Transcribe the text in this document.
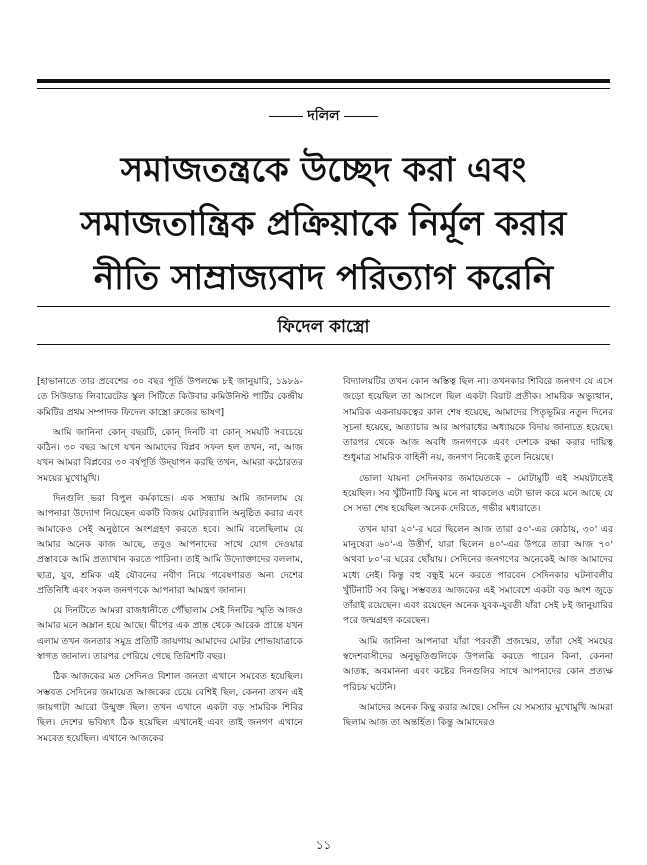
দলিল
সমাজতন্ত্রকে উচ্ছেদ করা এবং
সমাজতান্ত্রিক প্রক্রিয়াকে নির্মূল করার
নীতি সাম্রাজ্যবাদ পরিত্যাগ করেনি
ফিদেল কাস্ত্রো

[হাভানাতে তার প্রবেশের ৩০ বছর পূর্তি উপলক্ষে ৮ই জানুয়ারি, ১৯৮৯-তে সিউডাড লিবারেটেড স্কুল সিটিতে কিউবার কমিউনিস্ট পার্টির কেন্দ্রীয় কমিটির প্রথম সম্পাদক ফিদেল কাস্ত্রো রুজের ভাষণ]

আমি জানিনা কোন্ বছরটি, কোন্ দিনটি বা কোন্ সময়টি সবচেয়ে কঠিন। ৩০ বছর আগে যখন আমাদের বিপ্লব সফল হল তখন, না, আজ যখন আমরা বিপ্লবের ৩০ বর্ষপূর্তি উদ্‌যাপন করছি তখন, আমরা কঠোরতর সময়ের মুখোমুখি।

দিনগুলি ভরা বিপুল কর্মকান্ডে। এক সন্ধ্যায় আমি জানলাম যে আপনারা উদ্যোগ নিয়েছেন একটি বিজয় মোটরর‍্যালি অনুষ্ঠিত করার এবং আমাকেও সেই অনুষ্ঠানে অংশগ্রহণ করতে হবে। আমি বলেছিলাম যে আমার অনেক কাজ আছে, তবুও আপনাদের সাথে যোগ দেওয়ার প্রস্তাবকে আমি প্রত্যাখান করতে পারিনা। তাই আমি উদ্যোক্তাদের বললাম, ছাত্র, যুব, শ্রমিক এই যৌবনের নবীণ নিয়ে গবেষণারত অন্য দেশের প্রতিনিধি এবং সকল জনগণকে আপনারা আমন্ত্রণ জানান।

যে দিনটিতে আমরা রাজধানীতে পৌঁছালাম সেই দিনটির স্মৃতি আজও আমার মনে অম্লান হয়ে আছে। দ্বীপের এক প্রান্ত থেকে আরেক প্রান্তে যখন এলাম তখন জনতার সমুদ্র প্রতিটি জায়গায় আমাদের মোটর শোভাযাত্রাকে স্বাগত জানাল। তারপর পেরিয়ে গেছে তিরিশটি বছর।

ঠিক আজকের মত সেদিনও বিশাল জনতা এখানে সমবেত হয়েছিল। সম্ভবত সেদিনের জমায়েত আজকের চেয়ে বেশিই ছিল, কেননা তখন এই জায়গাটা আরো উন্মুক্ত ছিল। তখন এখানে একটা বড় সামরিক শিবির ছিল। দেশের ভবিষ্যৎ ঠিক হয়েছিল এখানেই এবং তাই জনগণ এখানে সমবেত হয়েছিল। এখানে আজকের

বিদ্যালয়টির তখন কোন অস্তিত্ব ছিল না। তখনকার শিবিরে জনগণ যে এসে জড়ো হয়েছিল তা আসলে ছিল একটা বিরাট প্রতীক। সামরিক অভ্যুত্থান, সামরিক একনায়কত্বের কাল শেষ হয়েছে, আমাদের পিতৃভূমির নতুন দিনের সূচনা হয়েছে, অত্যাচার আর অপরাধের অধ্যায়কে বিদায় জানাতে হয়েছে। তারপর থেকে আজ অবধি জনগণকে এবং দেশকে রক্ষা করার দায়িত্ব শুধুমাত্র সামরিক বাহিনী নয়, জনগণ নিজেই তুলে নিয়েছে।

ভোলা যায়না সেদিনকার জমায়েতকে – মোটামুটি এই সময়টাতেই হয়েছিল। সব খুঁটিনাটি কিছু মনে না থাকলেও এটা ভাল করে মনে আছে যে সে সভা শেষ হয়েছিল অনেক দেরিতে, গভীর মধ্যরাতে।

তখন যারা ২০'-র ঘরে ছিলেন আজ তারা ৫০'-এর কোঠায়, ৩০' এর মানুষেরা ৬০'-এ উত্তীর্ণ, যারা ছিলেন ৪০'-এর উপরে তারা আজ ৭০' অথবা ৮০'-র ঘরের ছোঁয়ায়। সেদিনের জনগণের অনেকেই আজ আমাদের মধ্যে নেই। কিন্তু বহু বন্ধুই মনে করতে পারবেন সেদিনকার ঘটনাবলীর খুঁটিনাটি সব কিছু। সম্ভবতঃ আজকের এই সমাবেশে একটা বড় অংশ জুড়ে তাঁরাই রয়েছেন। এবং রয়েছেন অনেক যুবক-যুবতী যাঁরা সেই ৮ই জানুয়ারির পরে জন্মগ্রহণ করেছেন।

আমি জানিনা আপনারা যাঁরা পরবর্তী প্রজন্মের, তাঁরা সেই সময়ের স্বদেশবাসীদের অনুভূতিগুলিকে উপলব্ধি করতে পারেন কিনা, কেননা আতঙ্ক, অবমাননা এবং কষ্টের দিনগুলির সাথে আপনাদের কোন প্রত্যক্ষ পরিচয় ঘটেনি।

আমাদের অনেক কিছু করার আছে। সেদিন যে সমস্যার মুখোমুখি আমরা ছিলাম আজ তা অন্তর্হিত। কিন্তু আমাদেরও

১১
